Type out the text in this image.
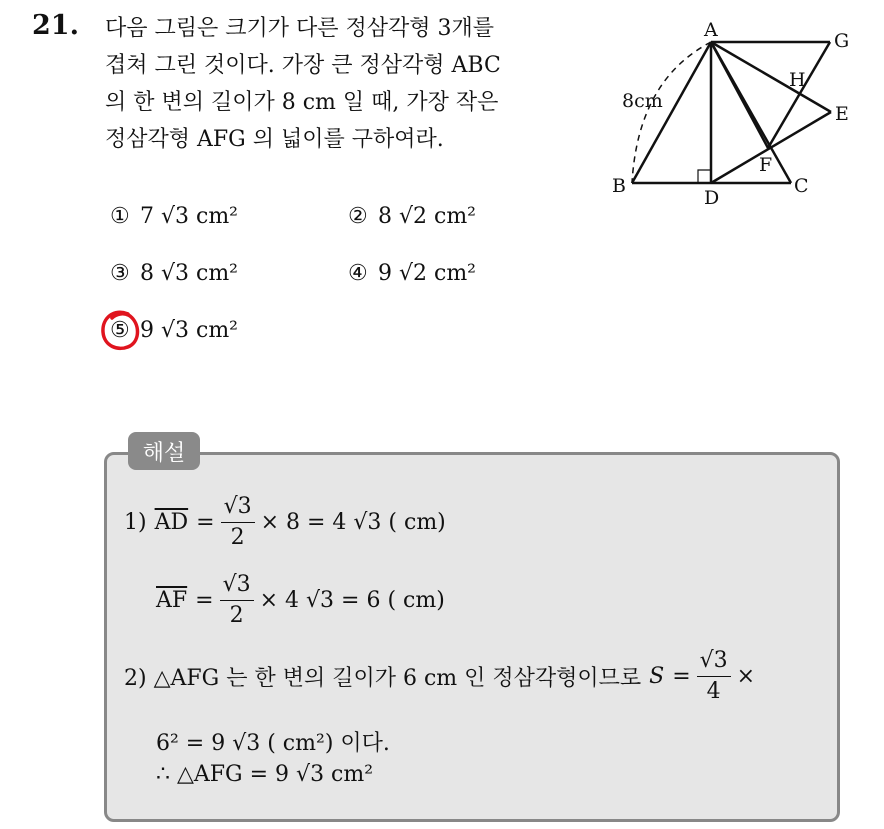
21. 다음 그림은 크기가 다른 정삼각형 3개를
겹쳐 그린 것이다. 가장 큰 정삼각형 ABC
의 한 변의 길이가 8 cm 일 때, 가장 작은
정삼각형 AFG 의 넓이를 구하여라.
A	G
H
E
F
B
D
C
8cm
① 7 √3 cm²	② 8 √2 cm²
③ 8 √3 cm²	④ 9 √2 cm²
⑤ 9 √3 cm²
해설
1) $\overline{AD} = \frac{√3}{2} \times 8 = 4$ √3 ( cm)
$\overline{AF} = \frac{√3}{2} \times 4$ √3 = 6 ( cm)
2) △AFG 는 한 변의 길이가 6 cm 인 정삼각형이므로 $S = \frac{√3}{4}$ ×
6² = 9 √3 ( cm²) 이다.
∴ △AFG = 9 √3 cm²
